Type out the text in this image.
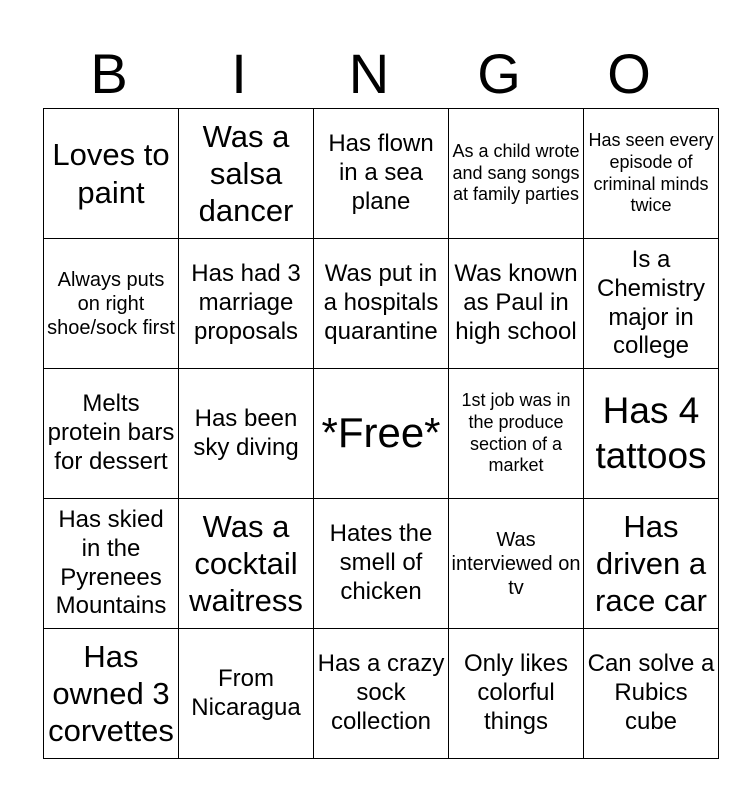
B	I	N	G	O
Loves to paint	Was a salsa dancer	Has flown in a sea plane	As a child wrote and sang songs at family parties	Has seen every episode of criminal minds twice

Always puts on right shoe/sock first	Has had 3 marriage proposals	Was put in a hospitals quarantine	Was known as Paul in high school	Is a Chemistry major in college

Melts protein bars for dessert	Has been sky diving	*Free*	1st job was in the produce section of a market	Has 4 tattoos

Has skied in the Pyrenees Mountains	Was a cocktail waitress	Hates the smell of chicken	Was interviewed on tv	Has driven a race car

Has owned 3 corvettes	From Nicaragua	Has a crazy sock collection	Only likes colorful things	Can solve a Rubics cube
